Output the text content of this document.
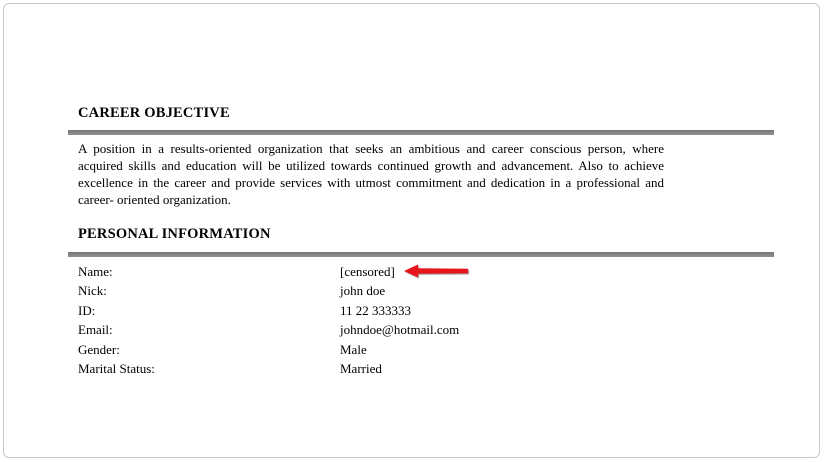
CAREER OBJECTIVE

A position in a results-oriented organization that seeks an ambitious and career conscious person, where acquired skills and education will be utilized towards continued growth and advancement. Also to achieve excellence in the career and provide services with utmost commitment and dedication in a professional and career- oriented organization.

PERSONAL INFORMATION
Name:	[censored]
Nick:	john doe
ID:	11 22 333333
Email:	johndoe@hotmail.com
Gender:	Male
Marital Status:	Married
